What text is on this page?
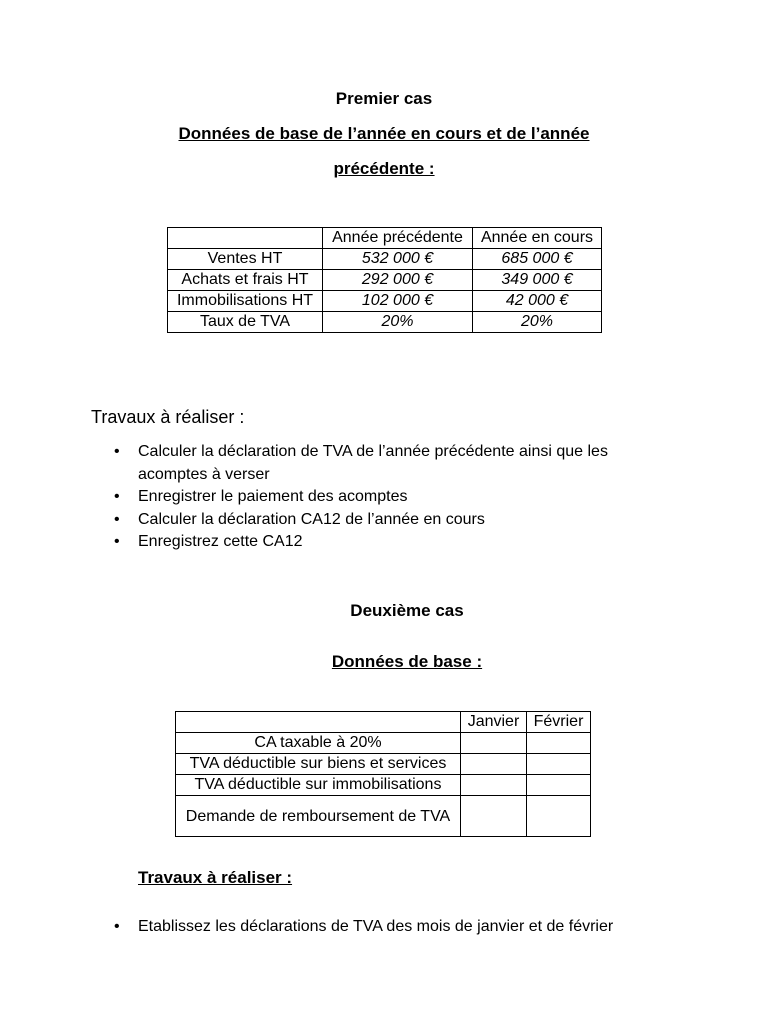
Premier cas
Données de base de l’année en cours et de l’année
précédente :
	Année précédente	Année en cours
Ventes HT	532 000 €	685 000 €
Achats et frais HT	292 000 €	349 000 €
Immobilisations HT	102 000 €	42 000 €
Taux de TVA	20%	20%
Travaux à réaliser :
• Calculer la déclaration de TVA de l’année précédente ainsi que les acomptes à verser
• Enregistrer le paiement des acomptes
• Calculer la déclaration CA12 de l’année en cours
• Enregistrez cette CA12
Deuxième cas
Données de base :
	Janvier	Février
CA taxable à 20%		
TVA déductible sur biens et services		
TVA déductible sur immobilisations		
Demande de remboursement de TVA		
Travaux à réaliser :
• Etablissez les déclarations de TVA des mois de janvier et de février
